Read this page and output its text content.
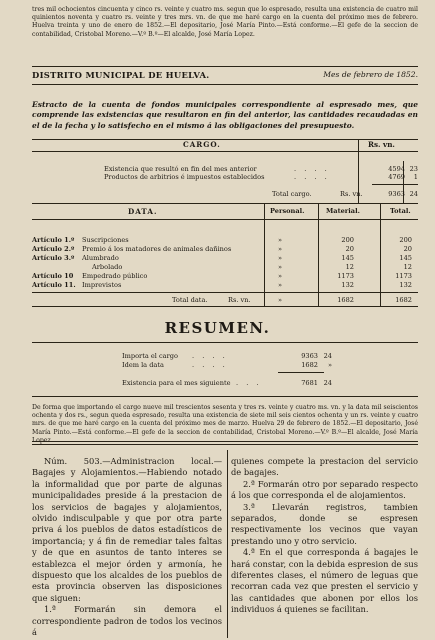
tres mil ochocientos cincuenta y cinco rs. veinte y cuatro ms. segun que lo espresado, resulta una existencia de cuatro mil quinientos noventa y cuatro rs. veinte y tres mrs. vn. de que me haré cargo en la cuenta del próximo mes de febrero. Huelva treinta y uno de enero de 1852.—El depositario, José María Pinto.—Está conforme.—El gefe de la seccion de contabilidad, Cristobal Moreno.—V.º B.º—El alcalde, José María Lopez.

DISTRITO MUNICIPAL DE HUELVA.	Mes de febrero de 1852.

Estracto de la cuenta de fondos municipales correspondiente al espresado mes, que comprende las existencias que resultaron en fin del anterior, las cantidades recaudadas en el de la fecha y lo satisfecho en el mismo á las obligaciones del presupuesto.

CARGO.	Rs. vn.
Existencia que resultó en fin del mes anterior	. . . .	4594 23
Productos de arbitrios é impuestos establecidos	. . . .	4769	1
Total cargo.	Rs. vn.	9363 24
DATA.	Personal.	Material.	Total.
Artículo 1.º Suscripciones	»	200	200
Artículo 2.º Premio á los matadores de animales dañinos	»	20	20
Artículo 3.º Alumbrado	»	145	145
Arbolado	»	12	12
Artículo 10 Empedrado público	»	1173	1173
Artículo 11. Imprevistos	»	132	132
Total data.	Rs. vn.	»	1682	1682
RESUMEN.
Importa el cargo . . . .	9363 24
Idem la data	. . . .	1682	»
Existencia para el mes siguiente . . .	7681 24

De forma que importando el cargo nueve mil trescientos sesenta y tres rs. veinte y cuatro ms. vn. y la data mil seiscientos ochenta y dos rs., segun queda espresado, resulta una existencia de siete mil seis cientos ochenta y un rs. veinte y cuatro mrs. de que me haré cargo en la cuenta del próximo mes de marzo. Huelva 29 de febrero de 1852.—El depositario, José María Pinto.—Está conforme.—El gefe de la seccion de contabilidad, Cristobal Moreno.—V.º B.º—El alcalde, José María Lopez.

Núm. 503.—Administracion local.—Bagajes y Alojamientos.—Habiendo notado la informalidad que por parte de algunas municipalidades preside á la prestacion de los servicios de bagajes y alojamientos, olvido indisculpable y que por otra parte priva á los pueblos de datos estadísticos de importancia; y á fin de remediar tales faltas y de que en asuntos de tanto interes se establezca el mejor órden y armonía, he dispuesto que los alcaldes de los pueblos de esta provincia observen las disposiciones que siguen:

1.ª Formarán sin demora el correspondiente padron de todos los vecinos á

quienes compete la prestacion del servicio de bagajes.

2.ª Formarán otro por separado respecto á los que corresponda el de alojamientos.

3.ª Llevarán registros, tambien separados, donde se espresen respectivamente los vecinos que vayan prestando uno y otro servicio.

4.ª En el que corresponda á bagajes le hará constar, con la debida espresion de sus diferentes clases, el número de leguas que recorran cada vez que presten el servicio y las cantidades que abonen por ellos los individuos á quienes se facilitan.
